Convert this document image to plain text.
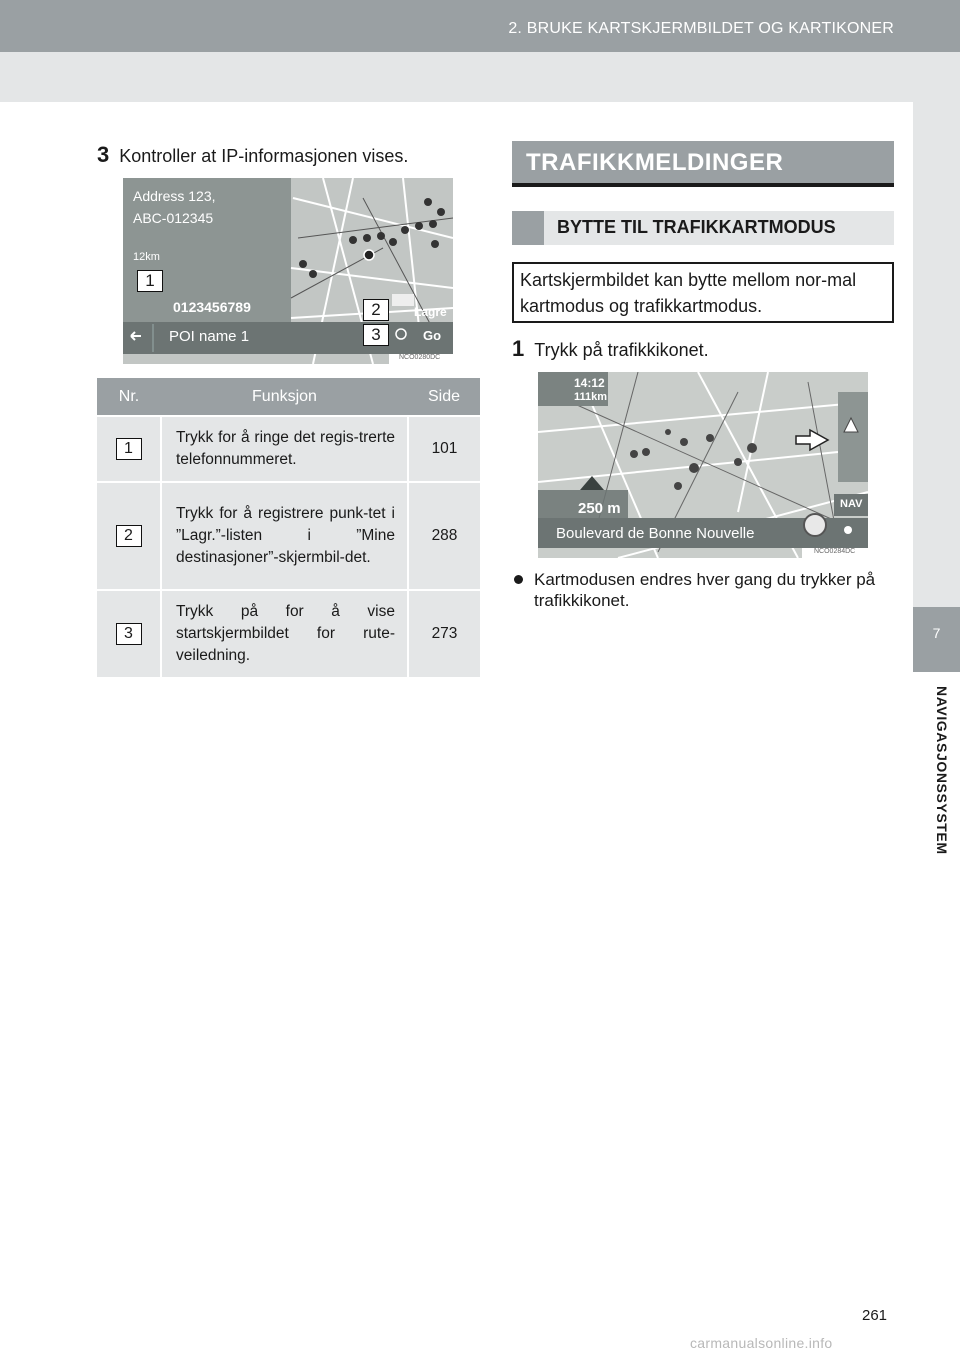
2. BRUKE KARTSKJERMBILDET OG KARTIKONER
7
NAVIGASJONSSYSTEM
3 Kontroller at IP-informasjonen vises.
Address 123,
ABC-012345
12km
0123456789
POI name 1
Lagre
Go
NCO0280DC
1
2
3
Nr.	Funksjon	Side
1	Trykk for å ringe det regis-trerte telefonnummeret.	101
2	Trykk for å registrere punk-tet i ”Lagr.”-listen i ”Mine destinasjoner”-skjermbil-det.	288
3	Trykk på for å vise startskjermbildet for rute-veiledning.	273
TRAFIKKMELDINGER
BYTTE TIL TRAFIKKARTMODUS
Kartskjermbildet kan bytte mellom nor-mal kartmodus og trafikkartmodus.
1 Trykk på trafikkikonet.
14:12
111km
250 m
Boulevard de Bonne Nouvelle
NAV
NCO0284DC
Kartmodusen endres hver gang du trykker på trafikkikonet.
261
carmanualsonline.info
